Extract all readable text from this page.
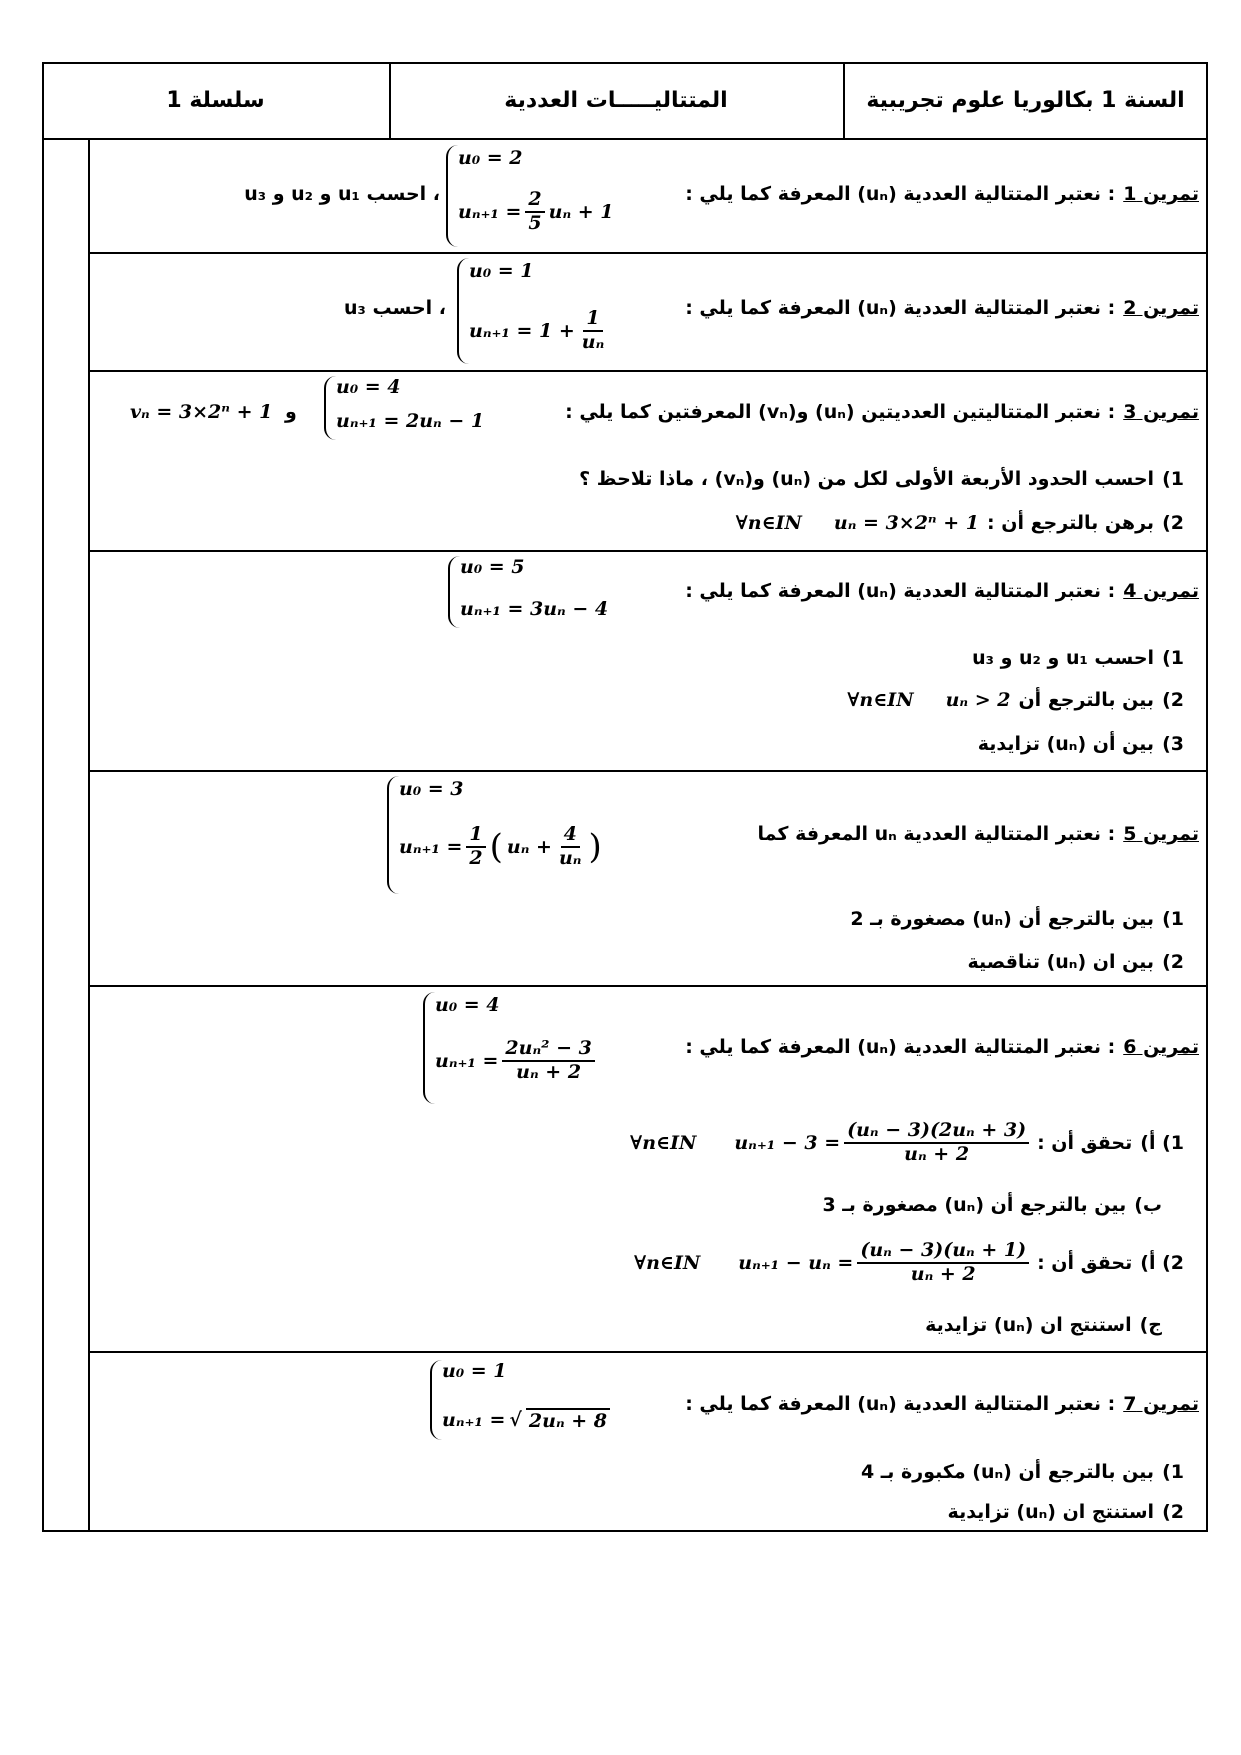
سلسلة 1	المتتاليـــــات العددية	السنة 1 بكالوريا علوم تجريبية
تمرين 1
: نعتبر المتتالية العددية (uₙ) المعرفة كما يلي :
u₀ = 2
$u_{n+1} = \frac{2}{5}$ uₙ + 1
، احسب u₁ و u₂ و u₃
تمرين 2
: نعتبر المتتالية العددية (uₙ) المعرفة كما يلي :
u₀ = 1
$u_{n+1} = 1 + \frac{1}{\text{uₙ}}$
، احسب u₃
تمرين 3
: نعتبر المتتاليتين العدديتين (uₙ) و(vₙ) المعرفتين كما يلي :
u₀ = 4
uₙ₊₁ = 2uₙ − 1
و
vₙ = 3×2ⁿ + 1
1)
احسب الحدود الأربعة الأولى لكل من (uₙ) و(vₙ) ، ماذا تلاحظ ؟
2)
برهن بالترجع أن :
uₙ = 3×2ⁿ + 1
∀n∈IN
تمرين 4
: نعتبر المتتالية العددية (uₙ) المعرفة كما يلي :
u₀ = 5
uₙ₊₁ = 3uₙ − 4
1)
احسب u₁ و u₂ و u₃
2)
بين بالترجع أن
uₙ > 2
∀n∈IN
3)
بين أن (uₙ) تزايدية
تمرين 5
: نعتبر المتتالية العددية uₙ المعرفة كما
u₀ = 3
$u_{n+1} = \frac{1}{2}$ ( $u_n + \frac{4}{\text{uₙ}}$ )
1)
بين بالترجع أن (uₙ) مصغورة بـ 2
2)
بين ان (uₙ) تناقصية
تمرين 6
: نعتبر المتتالية العددية (uₙ) المعرفة كما يلي :
u₀ = 4
$u_{n+1} = \frac{\text{2uₙ² − 3}}{\text{uₙ + 2}}$
1) أ)
تحقق أن :
$u_{n+1} - 3 = \frac{\text{(uₙ − 3)(2uₙ + 3)}}{\text{uₙ + 2}}$
∀n∈IN
ب)
بين بالترجع أن (uₙ) مصغورة بـ 3
2) أ)
تحقق أن :
$u_{n+1} - u_n = \frac{\text{(uₙ − 3)(uₙ + 1)}}{\text{uₙ + 2}}$
∀n∈IN
ج)
استنتج ان (uₙ) تزايدية
تمرين 7
: نعتبر المتتالية العددية (uₙ) المعرفة كما يلي :
u₀ = 1
uₙ₊₁ = √ 2uₙ + 8
1)
بين بالترجع أن (uₙ) مكبورة بـ 4
2)
استنتج ان (uₙ) تزايدية
